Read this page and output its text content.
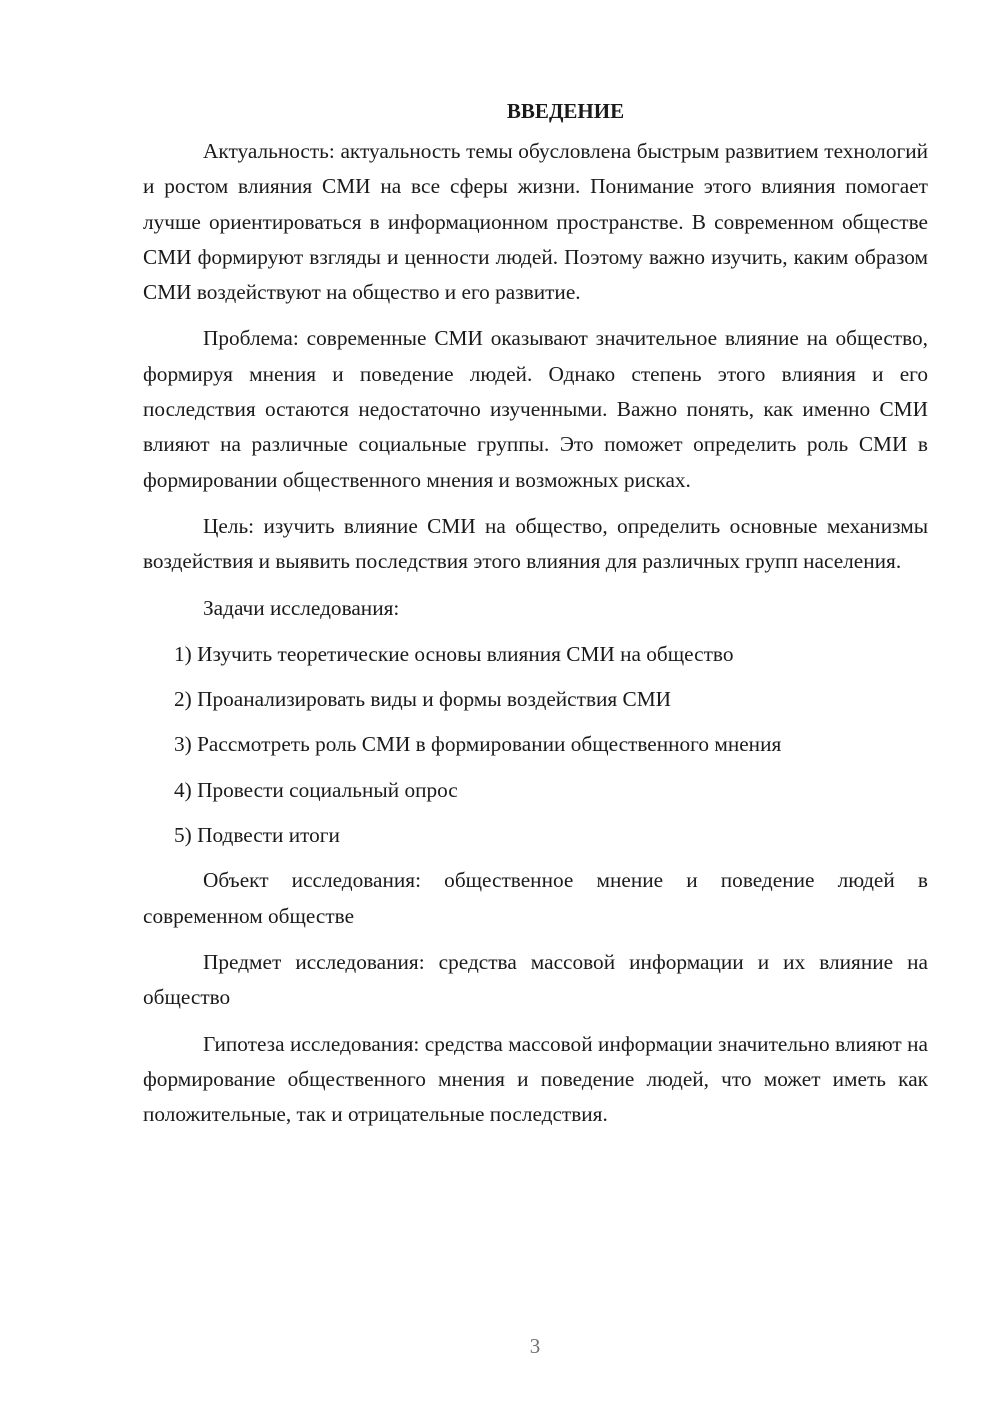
ВВЕДЕНИЕ

Актуальность: актуальность темы обусловлена быстрым развитием технологий и ростом влияния СМИ на все сферы жизни. Понимание этого влияния помогает лучше ориентироваться в информационном пространстве. В современном обществе СМИ формируют взгляды и ценности людей. Поэтому важно изучить, каким образом СМИ воздействуют на общество и его развитие.

Проблема: современные СМИ оказывают значительное влияние на общество, формируя мнения и поведение людей. Однако степень этого влияния и его последствия остаются недостаточно изученными. Важно понять, как именно СМИ влияют на различные социальные группы. Это поможет определить роль СМИ в формировании общественного мнения и возможных рисках.

Цель: изучить влияние СМИ на общество, определить основные механизмы воздействия и выявить последствия этого влияния для различных групп населения.

Задачи исследования:

1) Изучить теоретические основы влияния СМИ на общество
2) Проанализировать виды и формы воздействия СМИ
3) Рассмотреть роль СМИ в формировании общественного мнения
4) Провести социальный опрос
5) Подвести итоги

Объект исследования: общественное мнение и поведение людей в современном обществе

Предмет исследования: средства массовой информации и их влияние на общество

Гипотеза исследования: средства массовой информации значительно влияют на формирование общественного мнения и поведение людей, что может иметь как положительные, так и отрицательные последствия.

3
